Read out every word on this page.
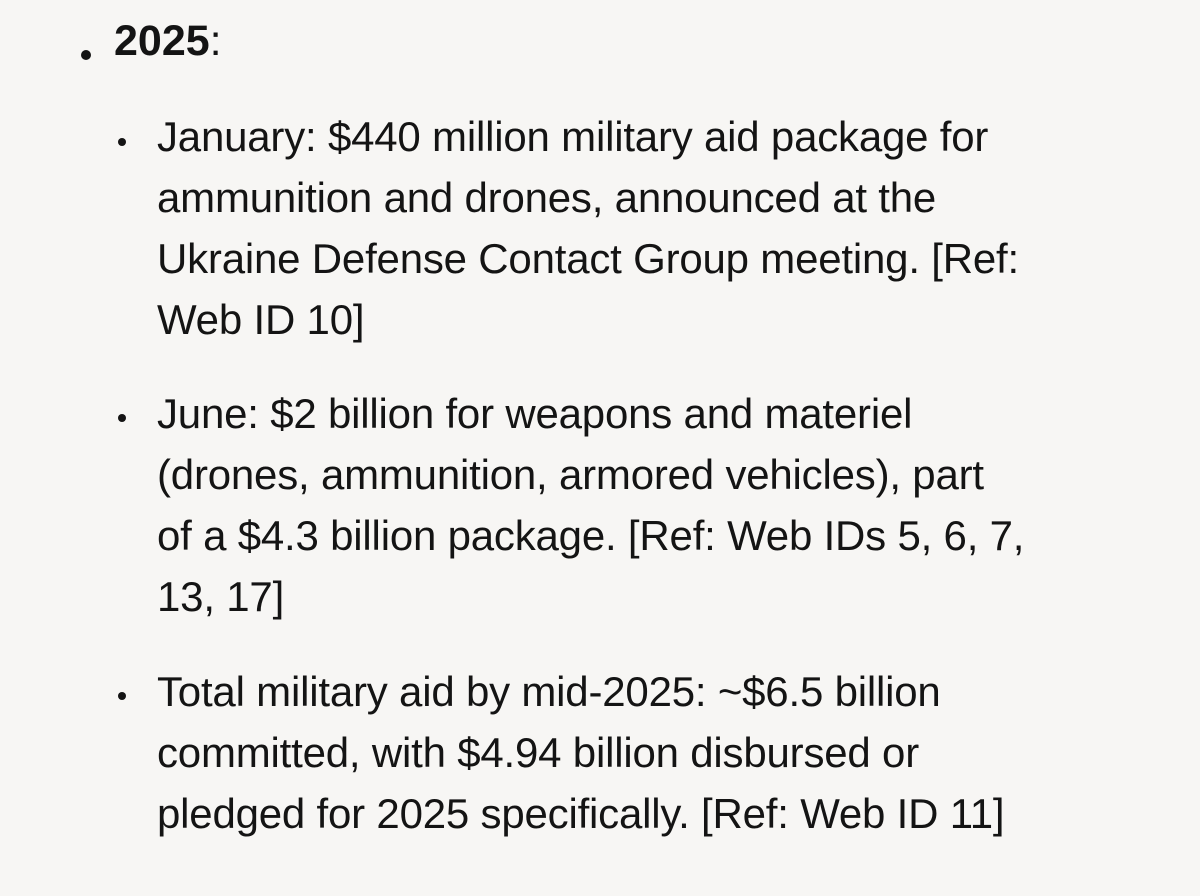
2025:

January: $440 million military aid package for
ammunition and drones, announced at the
Ukraine Defense Contact Group meeting. [Ref:
Web ID 10]

June: $2 billion for weapons and materiel
(drones, ammunition, armored vehicles), part
of a $4.3 billion package. [Ref: Web IDs 5, 6, 7,
13, 17]

Total military aid by mid-2025: ~$6.5 billion
committed, with $4.94 billion disbursed or
pledged for 2025 specifically. [Ref: Web ID 11]
